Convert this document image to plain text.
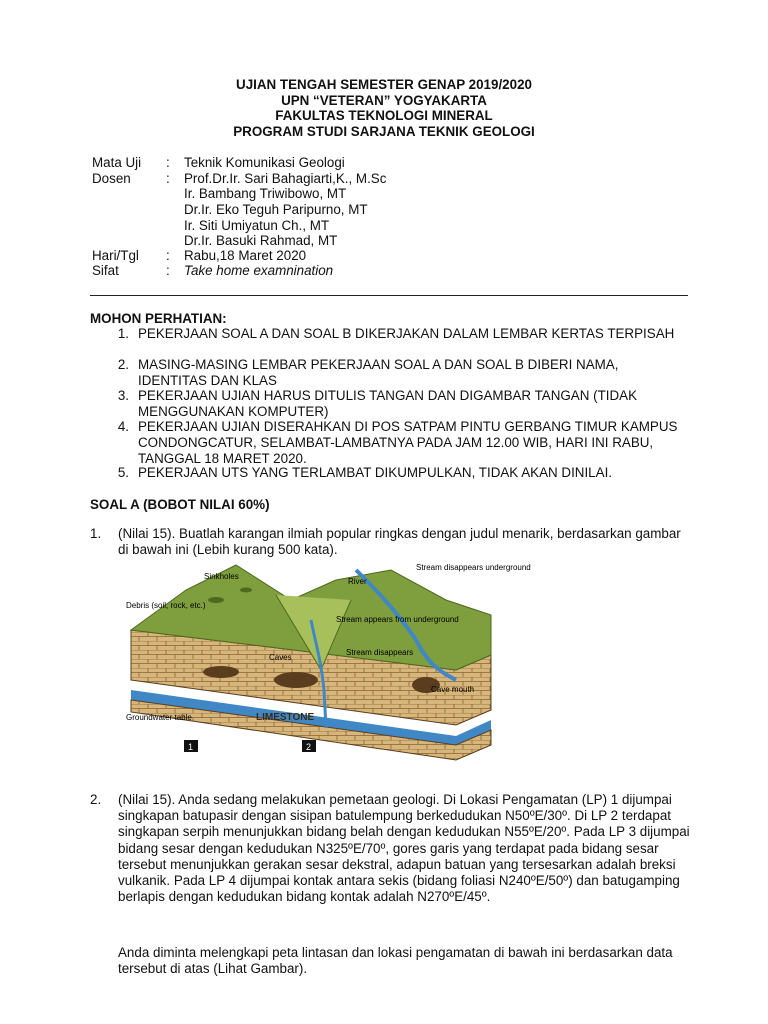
UJIAN TENGAH SEMESTER GENAP 2019/2020
UPN “VETERAN” YOGYAKARTA
FAKULTAS TEKNOLOGI MINERAL
PROGRAM STUDI SARJANA TEKNIK GEOLOGI
Mata Uji : Teknik Komunikasi Geologi
Dosen	: Prof.Dr.Ir. Sari Bahagiarti,K., M.Sc
Ir. Bambang Triwibowo, MT
Dr.Ir. Eko Teguh Paripurno, MT
Ir. Siti Umiyatun Ch., MT
Dr.Ir. Basuki Rahmad, MT
Hari/Tgl : Rabu,18 Maret 2020
Sifat	: Take home examnination
MOHON PERHATIAN:
1. PEKERJAAN SOAL A DAN SOAL B DIKERJAKAN DALAM LEMBAR KERTAS TERPISAH
2. MASING-MASING LEMBAR PEKERJAAN SOAL A DAN SOAL B DIBERI NAMA, IDENTITAS DAN KLAS
3. PEKERJAAN UJIAN HARUS DITULIS TANGAN DAN DIGAMBAR TANGAN (TIDAK MENGGUNAKAN KOMPUTER)
4. PEKERJAAN UJIAN DISERAHKAN DI POS SATPAM PINTU GERBANG TIMUR KAMPUS CONDONGCATUR, SELAMBAT-LAMBATNYA PADA JAM 12.00 WIB, HARI INI RABU, TANGGAL 18 MARET 2020.
5. PEKERJAAN UTS YANG TERLAMBAT DIKUMPULKAN, TIDAK AKAN DINILAI.
SOAL A (BOBOT NILAI 60%)
1. (Nilai 15). Buatlah karangan ilmiah popular ringkas dengan judul menarik, berdasarkan gambar di bawah ini (Lebih kurang 500 kata).
Sinkholes
River
Stream disappears underground
Debris (soil, rock, etc.)
Stream appears from underground
Caves
Stream disappears
Cave mouth
Groundwater table	LIMESTONE
1	2
2. (Nilai 15). Anda sedang melakukan pemetaan geologi. Di Lokasi Pengamatan (LP) 1 dijumpai singkapan batupasir dengan sisipan batulempung berkedudukan N50ºE/30º. Di LP 2 terdapat singkapan serpih menunjukkan bidang belah dengan kedudukan N55ºE/20º. Pada LP 3 dijumpai bidang sesar dengan kedudukan N325ºE/70º, gores garis yang terdapat pada bidang sesar tersebut menunjukkan gerakan sesar dekstral, adapun batuan yang tersesarkan adalah breksi vulkanik. Pada LP 4 dijumpai kontak antara sekis (bidang foliasi N240ºE/50º) dan batugamping berlapis dengan kedudukan bidang kontak adalah N270ºE/45º.
Anda diminta melengkapi peta lintasan dan lokasi pengamatan di bawah ini berdasarkan data tersebut di atas (Lihat Gambar).
